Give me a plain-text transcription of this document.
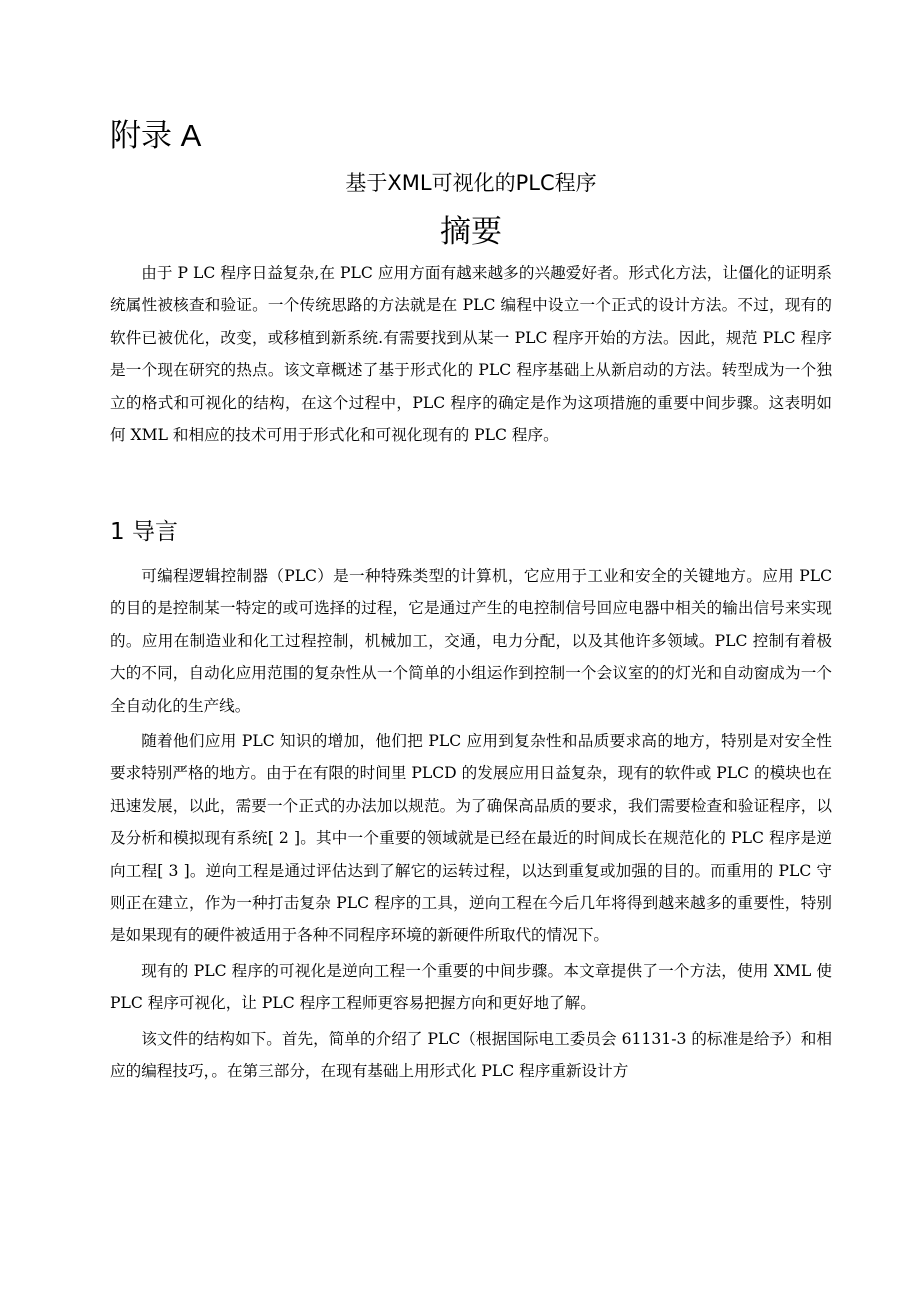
附录 A
基于XML可视化的PLC程序
摘要

由于 P LC 程序日益复杂,在 PLC 应用方面有越来越多的兴趣爱好者。形式化方法，让僵化的证明系统属性被核查和验证。一个传统思路的方法就是在 PLC 编程中设立一个正式的设计方法。不过，现有的软件已被优化，改变，或移植到新系统.有需要找到从某一 PLC 程序开始的方法。因此，规范 PLC 程序是一个现在研究的热点。该文章概述了基于形式化的 PLC 程序基础上从新启动的方法。转型成为一个独立的格式和可视化的结构，在这个过程中，PLC 程序的确定是作为这项措施的重要中间步骤。这表明如何 XML 和相应的技术可用于形式化和可视化现有的 PLC 程序。

1 导言

可编程逻辑控制器（PLC）是一种特殊类型的计算机，它应用于工业和安全的关键地方。应用 PLC 的目的是控制某一特定的或可选择的过程，它是通过产生的电控制信号回应电器中相关的输出信号来实现的。应用在制造业和化工过程控制，机械加工，交通，电力分配，以及其他许多领域。PLC 控制有着极大的不同，自动化应用范围的复杂性从一个简单的小组运作到控制一个会议室的的灯光和自动窗成为一个全自动化的生产线。

随着他们应用 PLC 知识的增加，他们把 PLC 应用到复杂性和品质要求高的地方，特别是对安全性要求特别严格的地方。由于在有限的时间里 PLCD 的发展应用日益复杂，现有的软件或 PLC 的模块也在迅速发展，以此，需要一个正式的办法加以规范。为了确保高品质的要求，我们需要检查和验证程序，以及分析和模拟现有系统[ 2 ]。其中一个重要的领域就是已经在最近的时间成长在规范化的 PLC 程序是逆向工程[ 3 ]。逆向工程是通过评估达到了解它的运转过程，以达到重复或加强的目的。而重用的 PLC 守则正在建立，作为一种打击复杂 PLC 程序的工具，逆向工程在今后几年将得到越来越多的重要性，特别是如果现有的硬件被适用于各种不同程序环境的新硬件所取代的情况下。

现有的 PLC 程序的可视化是逆向工程一个重要的中间步骤。本文章提供了一个方法，使用 XML 使 PLC 程序可视化，让 PLC 程序工程师更容易把握方向和更好地了解。

该文件的结构如下。首先，简单的介绍了 PLC（根据国际电工委员会 61131-3 的标准是给予）和相应的编程技巧，。在第三部分，在现有基础上用形式化 PLC 程序重新设计方
